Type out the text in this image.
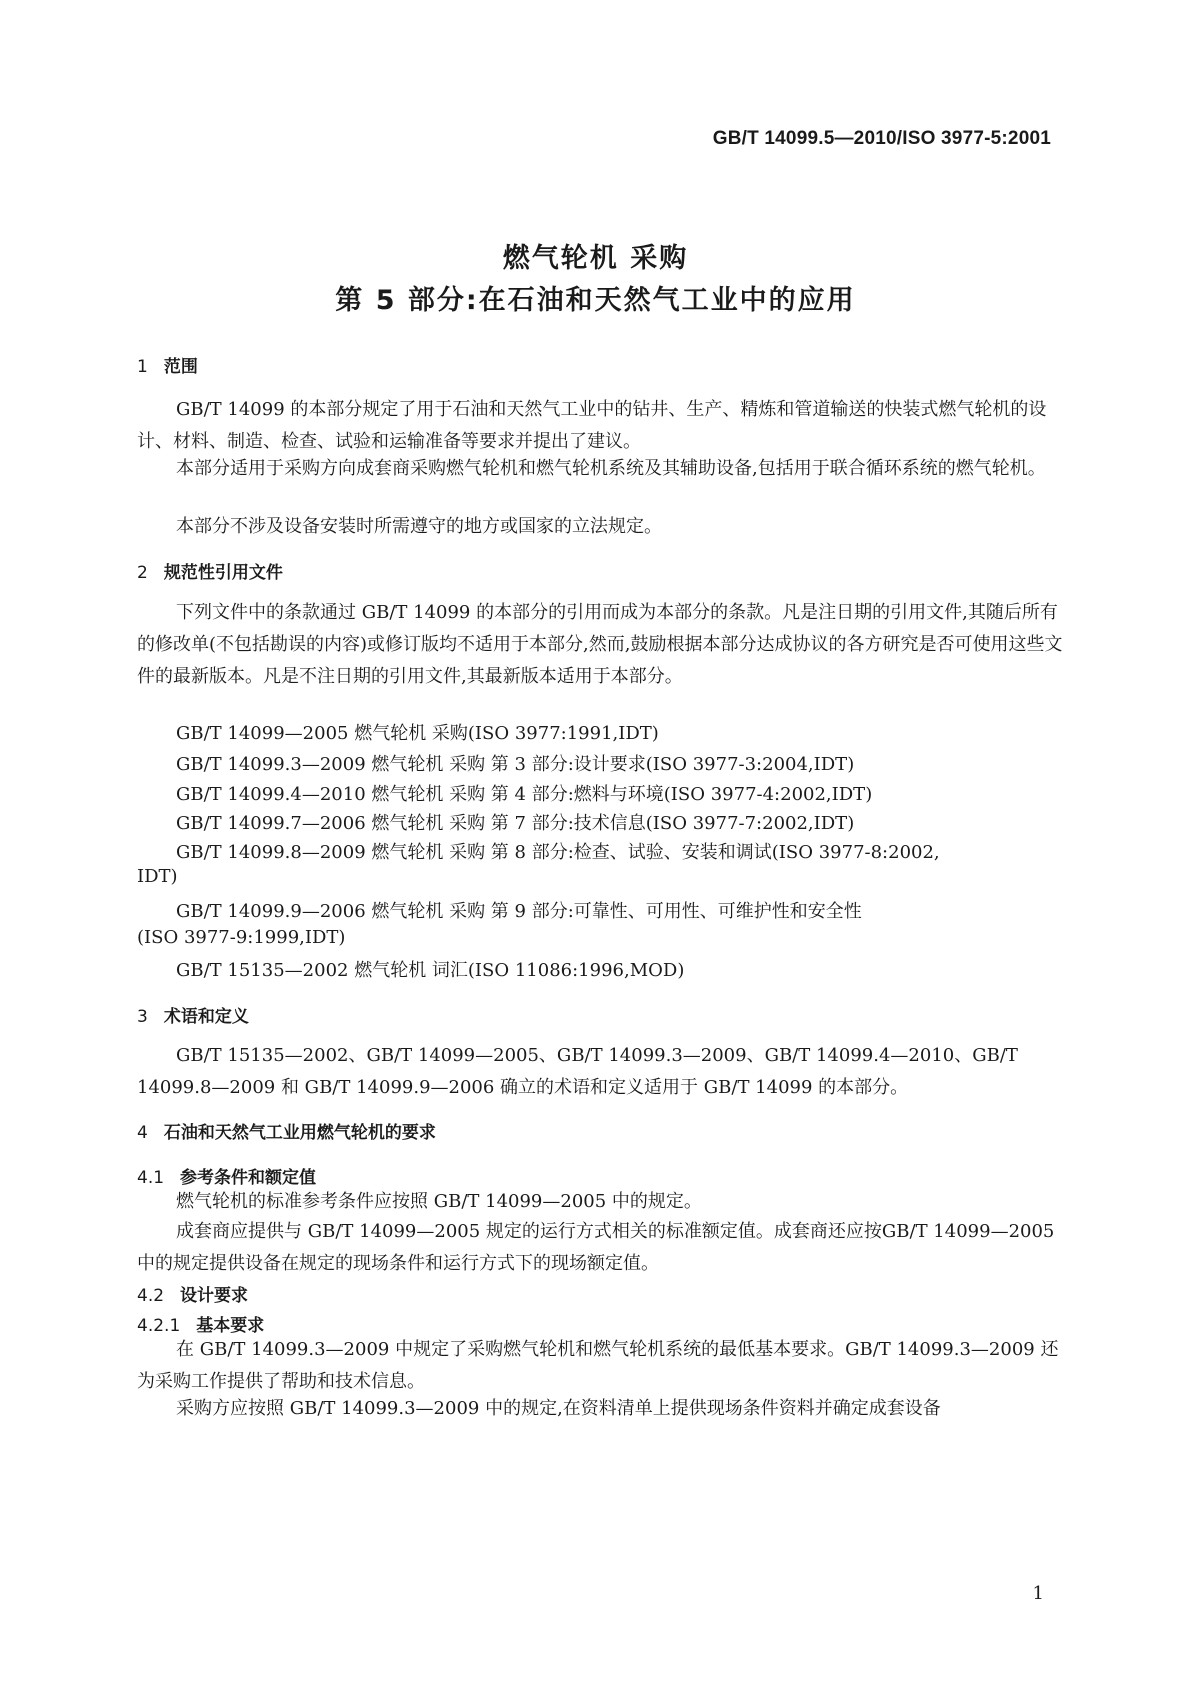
GB/T 14099.5—2010/ISO 3977-5:2001
燃气轮机 采购
第 5 部分:在石油和天然气工业中的应用
1 范围
GB/T 14099 的本部分规定了用于石油和天然气工业中的钻井、生产、精炼和管道输送的快装式燃气轮机的设计、材料、制造、检查、试验和运输准备等要求并提出了建议。
本部分适用于采购方向成套商采购燃气轮机和燃气轮机系统及其辅助设备,包括用于联合循环系统的燃气轮机。
本部分不涉及设备安装时所需遵守的地方或国家的立法规定。
2 规范性引用文件
下列文件中的条款通过 GB/T 14099 的本部分的引用而成为本部分的条款。凡是注日期的引用文件,其随后所有的修改单(不包括勘误的内容)或修订版均不适用于本部分,然而,鼓励根据本部分达成协议的各方研究是否可使用这些文件的最新版本。凡是不注日期的引用文件,其最新版本适用于本部分。
GB/T 14099—2005 燃气轮机 采购(ISO 3977:1991,IDT)
GB/T 14099.3—2009 燃气轮机 采购 第 3 部分:设计要求(ISO 3977-3:2004,IDT)
GB/T 14099.4—2010 燃气轮机 采购 第 4 部分:燃料与环境(ISO 3977-4:2002,IDT)
GB/T 14099.7—2006 燃气轮机 采购 第 7 部分:技术信息(ISO 3977-7:2002,IDT)
GB/T 14099.8—2009 燃气轮机 采购 第 8 部分:检查、试验、安装和调试(ISO 3977-8:2002,
IDT)
GB/T 14099.9—2006 燃气轮机 采购 第 9 部分:可靠性、可用性、可维护性和安全性
(ISO 3977-9:1999,IDT)
GB/T 15135—2002 燃气轮机 词汇(ISO 11086:1996,MOD)
3 术语和定义
GB/T 15135—2002、GB/T 14099—2005、GB/T 14099.3—2009、GB/T 14099.4—2010、GB/T 14099.8—2009 和 GB/T 14099.9—2006 确立的术语和定义适用于 GB/T 14099 的本部分。
4 石油和天然气工业用燃气轮机的要求
4.1 参考条件和额定值
燃气轮机的标准参考条件应按照 GB/T 14099—2005 中的规定。
成套商应提供与 GB/T 14099—2005 规定的运行方式相关的标准额定值。成套商还应按GB/T 14099—2005 中的规定提供设备在规定的现场条件和运行方式下的现场额定值。
4.2 设计要求
4.2.1 基本要求
在 GB/T 14099.3—2009 中规定了采购燃气轮机和燃气轮机系统的最低基本要求。GB/T 14099.3—2009 还为采购工作提供了帮助和技术信息。
采购方应按照 GB/T 14099.3—2009 中的规定,在资料清单上提供现场条件资料并确定成套设备
1
